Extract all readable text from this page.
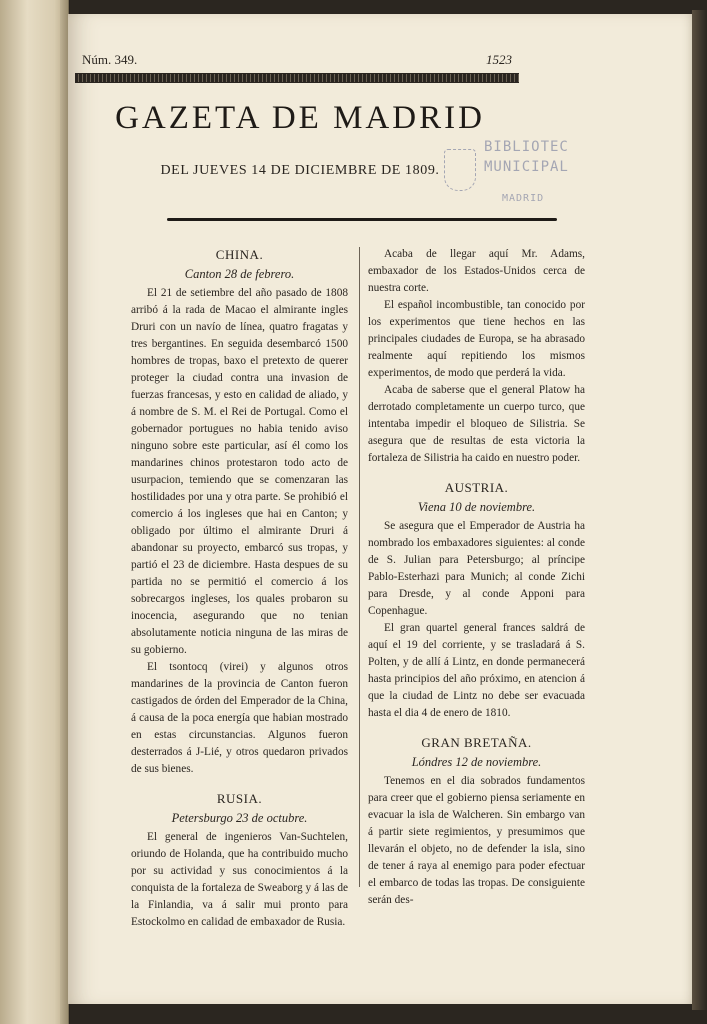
Núm. 349.	1523
GAZETA DE MADRID
DEL JUEVES 14 DE DICIEMBRE DE 1809.
BIBLIOTEC
MUNICIPAL
MADRID
CHINA.
Canton 28 de febrero.

El 21 de setiembre del año pasado de 1808 arribó á la rada de Macao el almirante ingles Druri con un navío de línea, quatro fragatas y tres bergantines. En seguida desembarcó 1500 hombres de tropas, baxo el pretexto de querer proteger la ciudad contra una invasion de fuerzas francesas, y esto en calidad de aliado, y á nombre de S. M. el Rei de Portugal. Como el gobernador portugues no habia tenido aviso ninguno sobre este particular, así él como los mandarines chinos protestaron todo acto de usurpacion, temiendo que se comenzaran las hostilidades por una y otra parte. Se prohibió el comercio á los ingleses que hai en Canton; y obligado por último el almirante Druri á abandonar su proyecto, embarcó sus tropas, y partió el 23 de diciembre. Hasta despues de su partida no se permitió el comercio á los sobrecargos ingleses, los quales probaron su inocencia, asegurando que no tenian absolutamente noticia ninguna de las miras de su gobierno.

El tsontocq (virei) y algunos otros mandarines de la provincia de Canton fueron castigados de órden del Emperador de la China, á causa de la poca energía que habian mostrado en estas circunstancias. Algunos fueron desterrados á J-Lié, y otros quedaron privados de sus bienes.

RUSIA.
Petersburgo 23 de octubre.

El general de ingenieros Van-Suchtelen, oriundo de Holanda, que ha contribuido mucho por su actividad y sus conocimientos á la conquista de la fortaleza de Sweaborg y á las de la Finlandia, va á salir mui pronto para Estockolmo en calidad de embaxador de Rusia.

Acaba de llegar aquí Mr. Adams, embaxador de los Estados-Unidos cerca de nuestra corte.

El español incombustible, tan conocido por los experimentos que tiene hechos en las principales ciudades de Europa, se ha abrasado realmente aquí repitiendo los mismos experimentos, de modo que perderá la vida.

Acaba de saberse que el general Platow ha derrotado completamente un cuerpo turco, que intentaba impedir el bloqueo de Silistria. Se asegura que de resultas de esta victoria la fortaleza de Silistria ha caido en nuestro poder.

AUSTRIA.
Viena 10 de noviembre.

Se asegura que el Emperador de Austria ha nombrado los embaxadores siguientes: al conde de S. Julian para Petersburgo; al príncipe Pablo-Esterhazi para Munich; al conde Zichi para Dresde, y al conde Apponi para Copenhague.

El gran quartel general frances saldrá de aquí el 19 del corriente, y se trasladará á S. Polten, y de allí á Lintz, en donde permanecerá hasta principios del año próximo, en atencion á que la ciudad de Lintz no debe ser evacuada hasta el dia 4 de enero de 1810.

GRAN BRETAÑA.
Lóndres 12 de noviembre.

Tenemos en el dia sobrados fundamentos para creer que el gobierno piensa seriamente en evacuar la isla de Walcheren. Sin embargo van á partir siete regimientos, y presumimos que llevarán el objeto, no de defender la isla, sino de tener á raya al enemigo para poder efectuar el embarco de todas las tropas. De consiguiente serán des-
